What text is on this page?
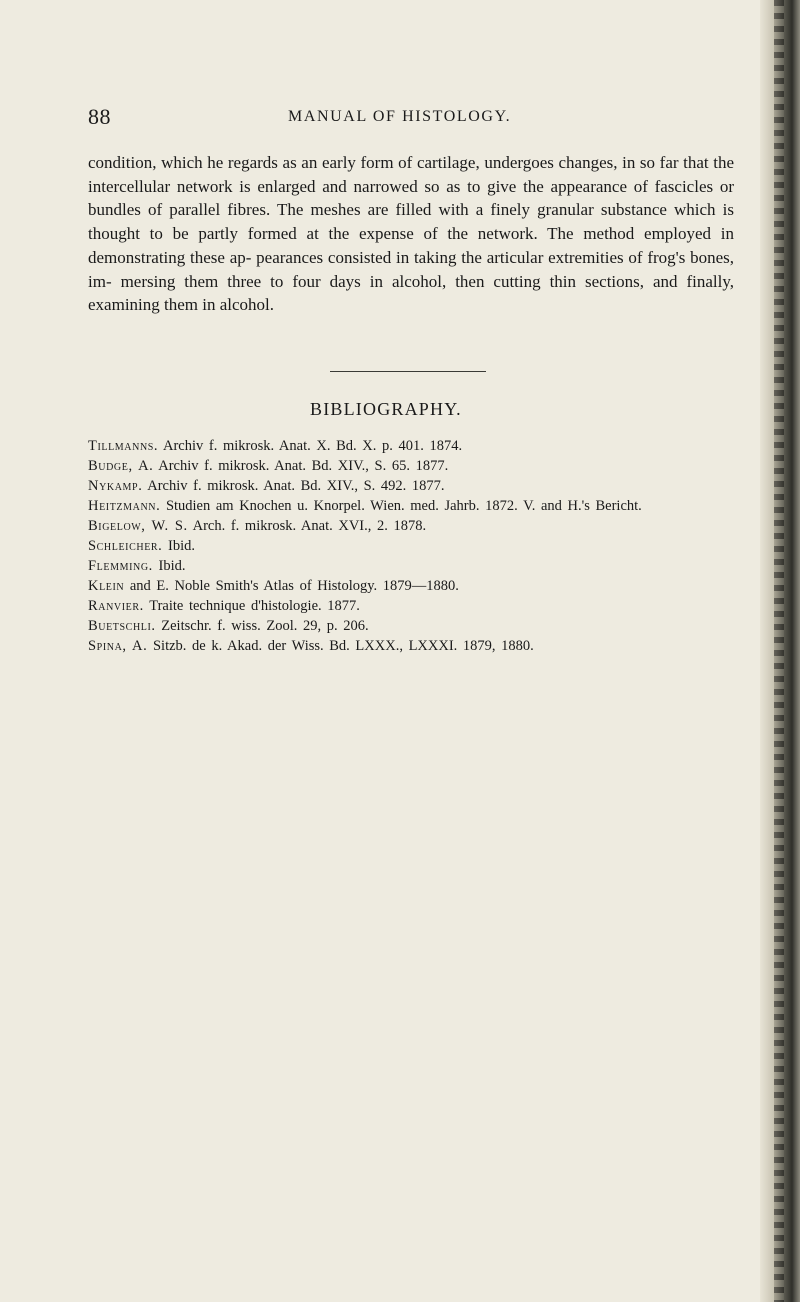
88	MANUAL OF HISTOLOGY.

condition, which he regards as an early form of cartilage, undergoes changes, in so far that the intercellular network is enlarged and narrowed so as to give the appearance of fascicles or bundles of parallel fibres. The meshes are filled with a finely granular substance which is thought to be partly formed at the expense of the network. The method employed in demonstrating these ap- pearances consisted in taking the articular extremities of frog's bones, im- mersing them three to four days in alcohol, then cutting thin sections, and finally, examining them in alcohol.

BIBLIOGRAPHY.
Tillmanns. Archiv f. mikrosk. Anat. X. Bd. X. p. 401. 1874.
Budge, A. Archiv f. mikrosk. Anat. Bd. XIV., S. 65. 1877.
Nykamp. Archiv f. mikrosk. Anat. Bd. XIV., S. 492. 1877.
Heitzmann. Studien am Knochen u. Knorpel. Wien. med. Jahrb. 1872. V. and H.'s Bericht.
Bigelow, W. S. Arch. f. mikrosk. Anat. XVI., 2. 1878.
Schleicher. Ibid.
Flemming. Ibid.
Klein and E. Noble Smith's Atlas of Histology. 1879—1880.
Ranvier. Traite technique d'histologie. 1877.
Buetschli. Zeitschr. f. wiss. Zool. 29, p. 206.
Spina, A. Sitzb. de k. Akad. der Wiss. Bd. LXXX., LXXXI. 1879, 1880.
